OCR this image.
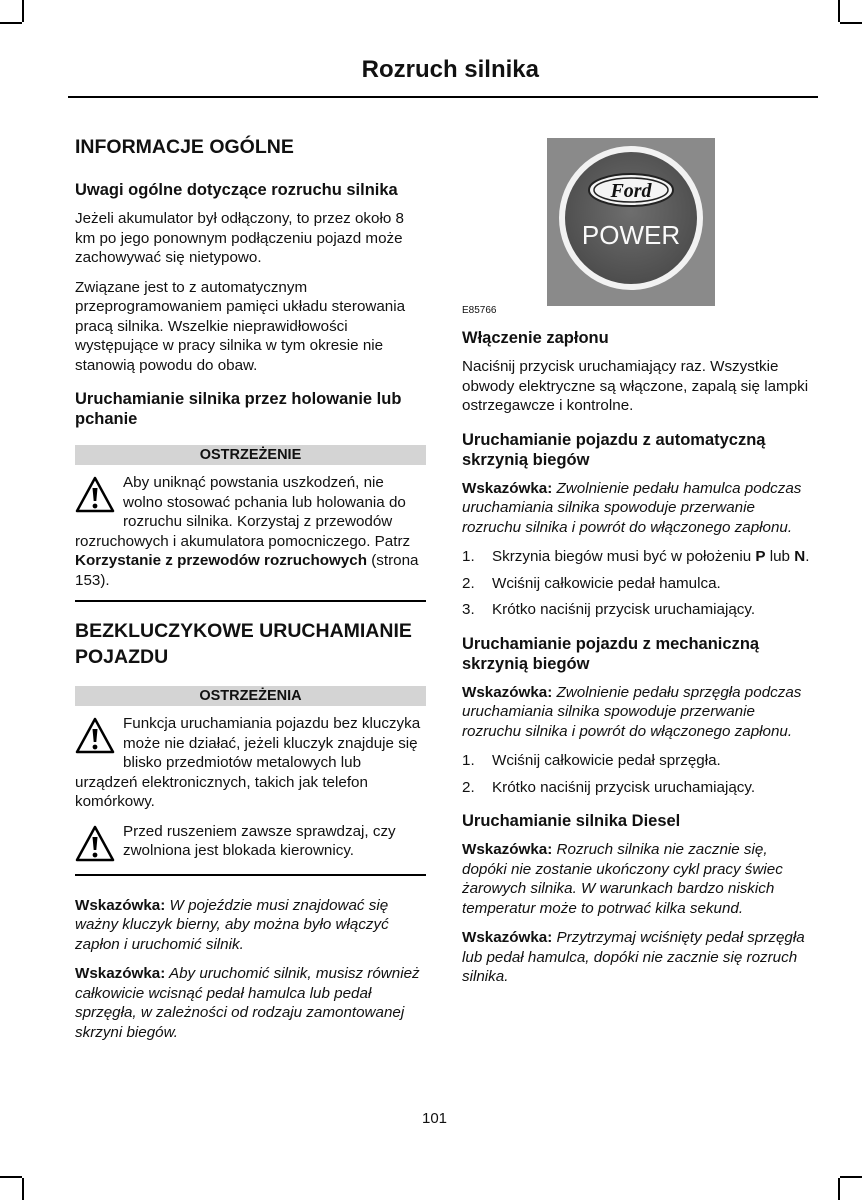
Rozruch silnika
INFORMACJE OGÓLNE
Uwagi ogólne dotyczące rozruchu silnika

Jeżeli akumulator był odłączony, to przez około 8 km po jego ponownym podłączeniu pojazd może zachowywać się nietypowo.

Związane jest to z automatycznym przeprogramowaniem pamięci układu sterowania pracą silnika. Wszelkie nieprawidłowości występujące w pracy silnika w tym okresie nie stanowią powodu do obaw.

Uruchamianie silnika przez holowanie lub pchanie
OSTRZEŻENIE
Aby uniknąć powstania uszkodzeń, nie wolno stosować pchania lub holowania do rozruchu silnika. Korzystaj z przewodów rozruchowych i akumulatora pomocniczego. Patrz Korzystanie z przewodów rozruchowych (strona 153).
BEZKLUCZYKOWE URUCHAMIANIE POJAZDU
OSTRZEŻENIA
Funkcja uruchamiania pojazdu bez kluczyka może nie działać, jeżeli kluczyk znajduje się blisko przedmiotów metalowych lub urządzeń elektronicznych, takich jak telefon komórkowy.
Przed ruszeniem zawsze sprawdzaj, czy zwolniona jest blokada kierownicy.

Wskazówka: W pojeździe musi znajdować się ważny kluczyk bierny, aby można było włączyć zapłon i uruchomić silnik.

Wskazówka: Aby uruchomić silnik, musisz również całkowicie wcisnąć pedał hamulca lub pedał sprzęgła, w zależności od rodzaju zamontowanej skrzyni biegów.

Ford
POWER
E85766
Włączenie zapłonu

Naciśnij przycisk uruchamiający raz. Wszystkie obwody elektryczne są włączone, zapalą się lampki ostrzegawcze i kontrolne.

Uruchamianie pojazdu z automatyczną skrzynią biegów

Wskazówka: Zwolnienie pedału hamulca podczas uruchamiania silnika spowoduje przerwanie rozruchu silnika i powrót do włączonego zapłonu.

1. Skrzynia biegów musi być w położeniu P lub N.
2. Wciśnij całkowicie pedał hamulca.
3. Krótko naciśnij przycisk uruchamiający.
Uruchamianie pojazdu z mechaniczną skrzynią biegów

Wskazówka: Zwolnienie pedału sprzęgła podczas uruchamiania silnika spowoduje przerwanie rozruchu silnika i powrót do włączonego zapłonu.

1. Wciśnij całkowicie pedał sprzęgła.
2. Krótko naciśnij przycisk uruchamiający.
Uruchamianie silnika Diesel

Wskazówka: Rozruch silnika nie zacznie się, dopóki nie zostanie ukończony cykl pracy świec żarowych silnika. W warunkach bardzo niskich temperatur może to potrwać kilka sekund.

Wskazówka: Przytrzymaj wciśnięty pedał sprzęgła lub pedał hamulca, dopóki nie zacznie się rozruch silnika.

101
